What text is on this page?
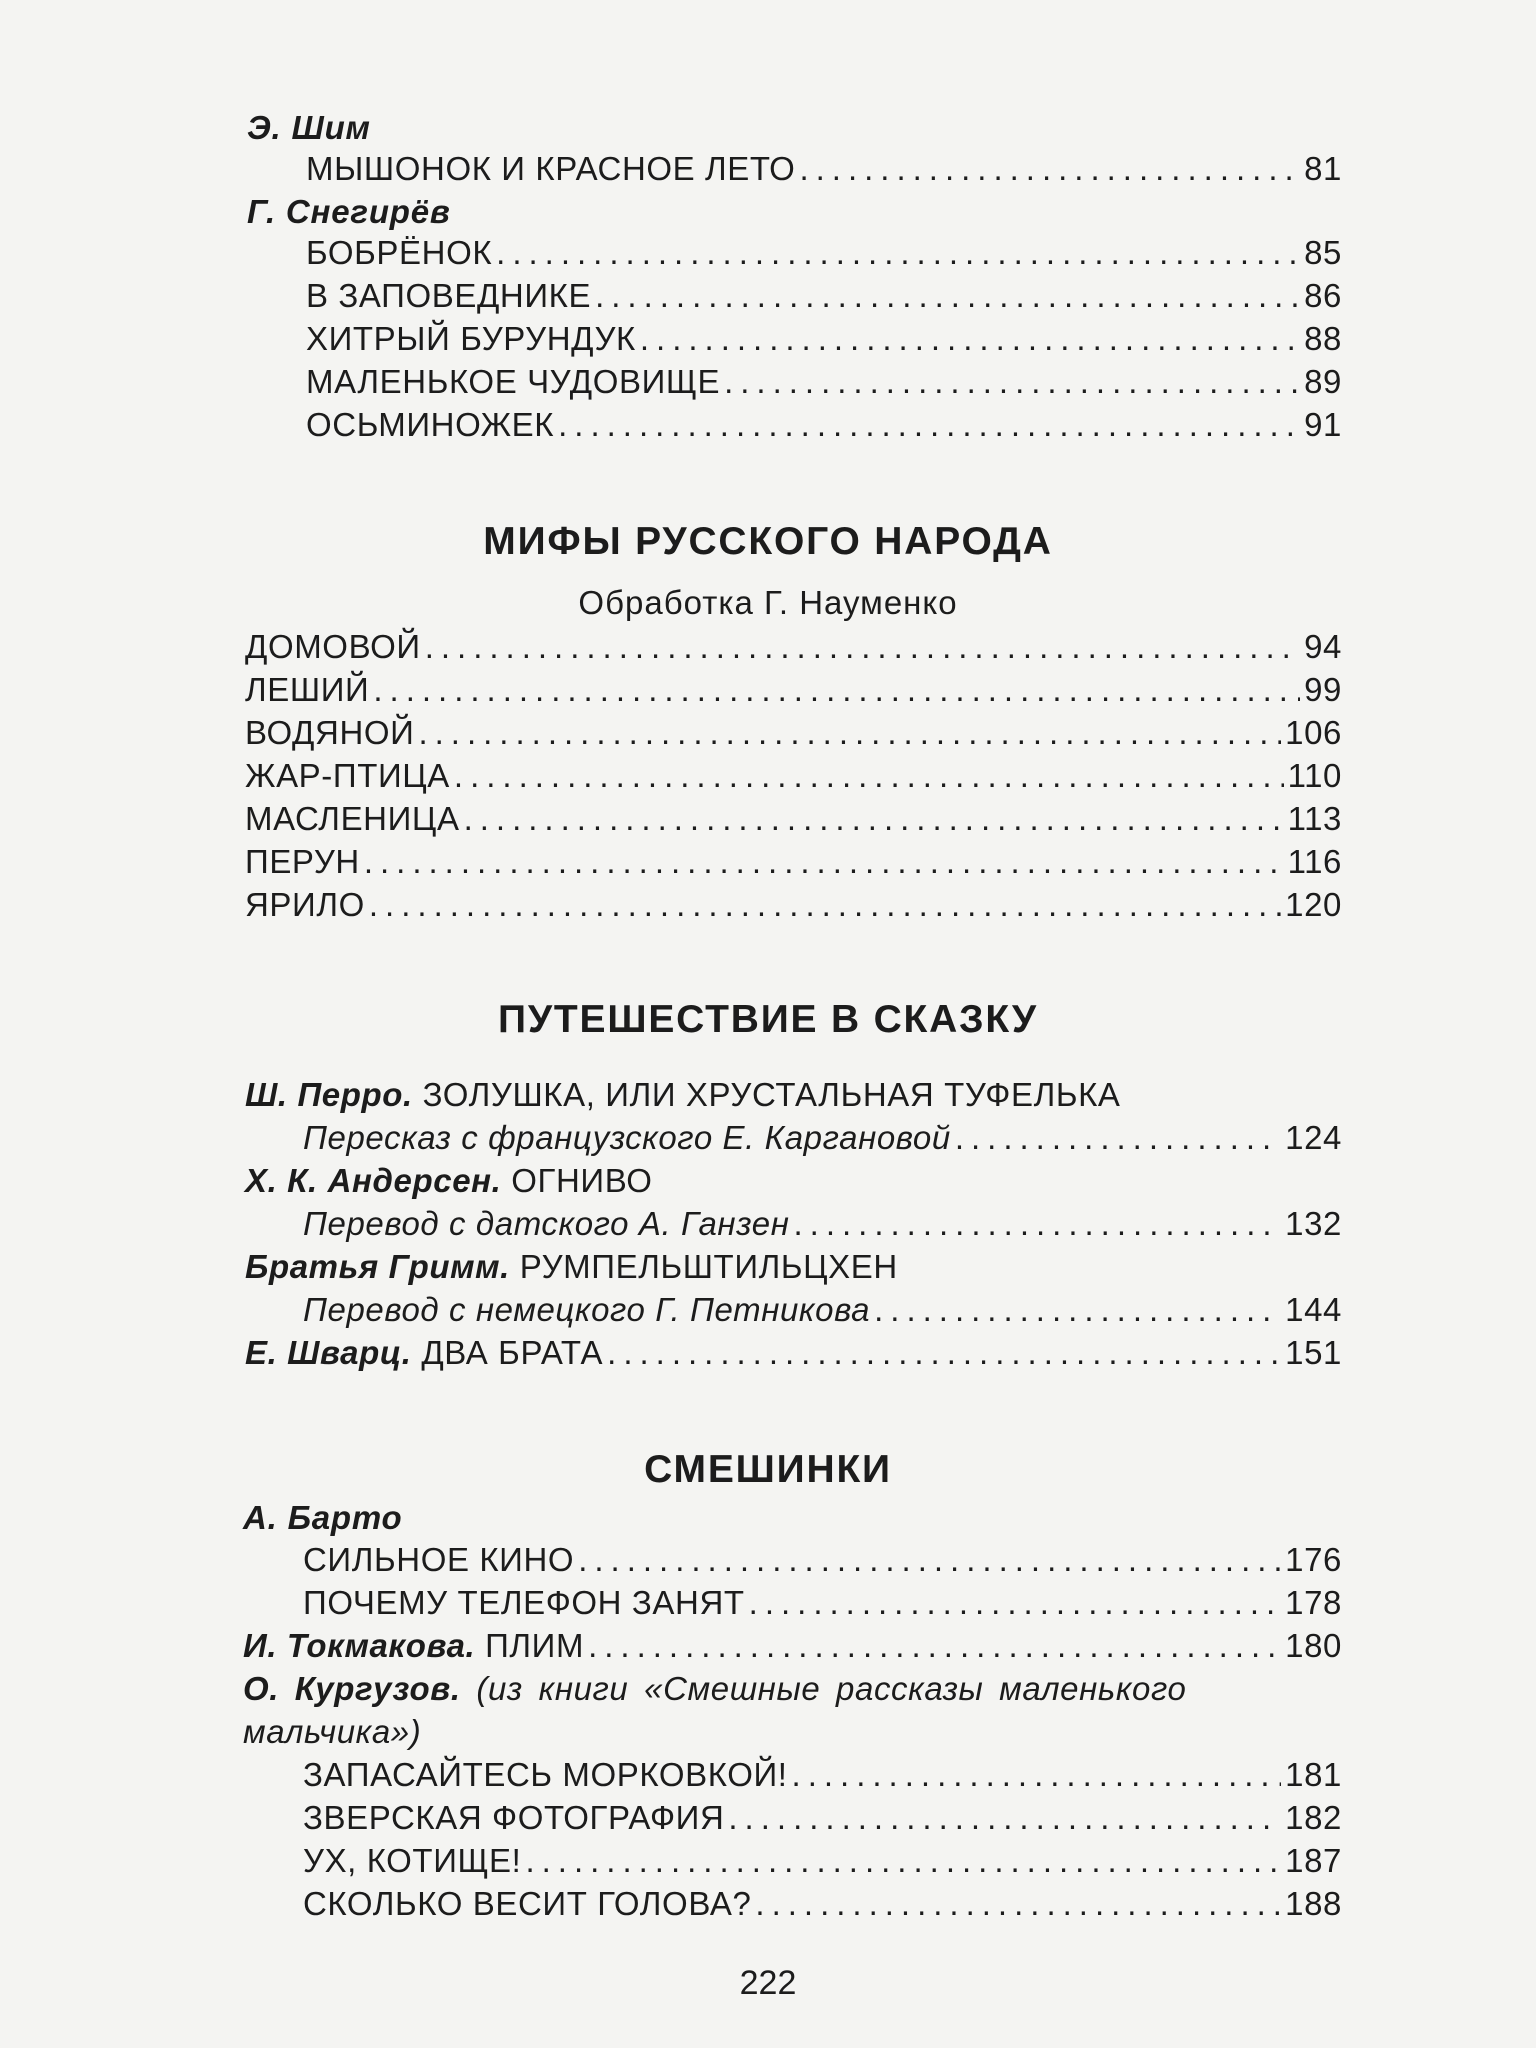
Э. Шим
МЫШОНОК И КРАСНОЕ ЛЕТО .....	81
Г. Снегирёв
БОБРЁНОК .....	85
В ЗАПОВЕДНИКЕ .....	86
ХИТРЫЙ БУРУНДУК .....	88
МАЛЕНЬКОЕ ЧУДОВИЩЕ .....	89
ОСЬМИНОЖЕК .....	91
МИФЫ РУССКОГО НАРОДА
Обработка Г. Науменко
ДОМОВОЙ .....	94
ЛЕШИЙ .....	99
ВОДЯНОЙ .....	106
ЖАР-ПТИЦА .....	110
МАСЛЕНИЦА .....	113
ПЕРУН .....	116
ЯРИЛО .....	120
ПУТЕШЕСТВИЕ В СКАЗКУ
Ш. Перро. ЗОЛУШКА, ИЛИ ХРУСТАЛЬНАЯ ТУФЕЛЬКА
Пересказ с французского Е. Каргановой .....	124
Х. К. Андерсен. ОГНИВО
Перевод с датского А. Ганзен .....	132
Братья Гримм. РУМПЕЛЬШТИЛЬЦХЕН
Перевод с немецкого Г. Петникова .....	144
Е. Шварц. ДВА БРАТА .....	151
СМЕШИНКИ
А. Барто
СИЛЬНОЕ КИНО .....	176
ПОЧЕМУ ТЕЛЕФОН ЗАНЯТ .....	178
И. Токмакова. ПЛИМ .....	180
О. Кургузов. (из книги «Смешные рассказы маленького
мальчика»)
ЗАПАСАЙТЕСЬ МОРКОВКОЙ! .....	181
ЗВЕРСКАЯ ФОТОГРАФИЯ .....	182
УХ, КОТИЩЕ! .....	187
СКОЛЬКО ВЕСИТ ГОЛОВА? .....	188
222
